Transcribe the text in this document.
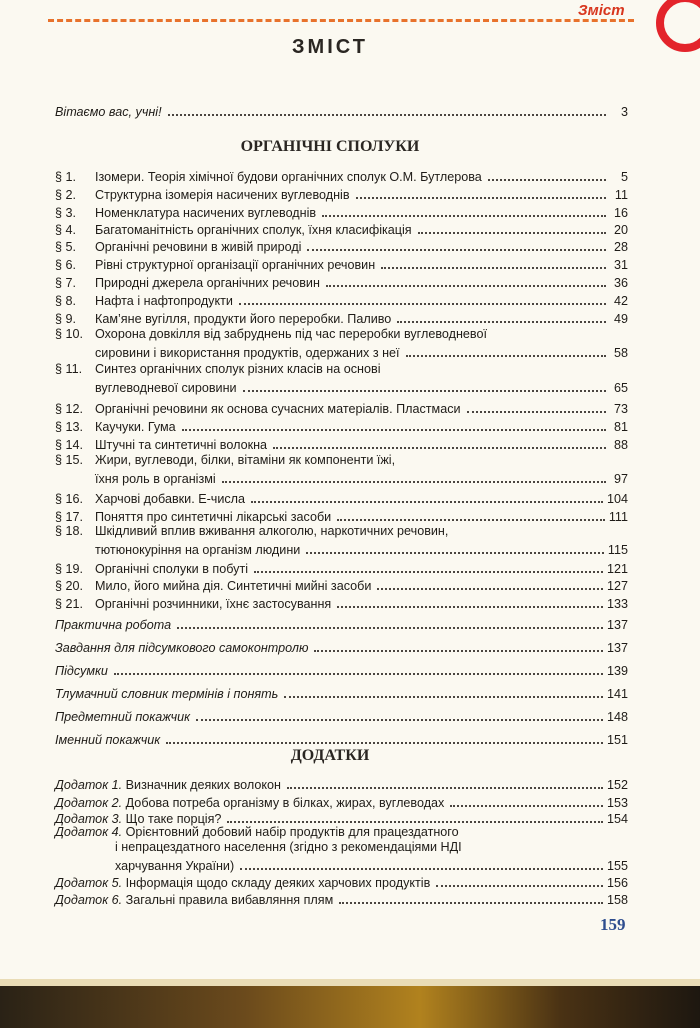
Зміст
ЗМІСТ
Вітаємо вас, учні!	3
ОРГАНІЧНІ СПОЛУКИ
§ 1.	Ізомери. Теорія хімічної будови органічних сполук О.М. Бутлерова	5
§ 2.	Структурна ізомерія насичених вуглеводнів	11
§ 3.	Номенклатура насичених вуглеводнів	16
§ 4.	Багатоманітність органічних сполук, їхня класифікація	20
§ 5.	Органічні речовини в живій природі	28
§ 6.	Рівні структурної організації органічних речовин	31
§ 7.	Природні джерела органічних речовин	36
§ 8.	Нафта і нафтопродукти	42
§ 9.	Кам’яне вугілля, продукти його переробки. Паливо	49
§ 10. Охорона довкілля від забруднень під час переробки вуглеводневої
сировини і використання продуктів, одержаних з неї	58
§ 11. Синтез органічних сполук різних класів на основі
вуглеводневої сировини	65
§ 12. Органічні речовини як основа сучасних матеріалів. Пластмаси	73
§ 13. Каучуки. Гума	81
§ 14. Штучні та синтетичні волокна	88
§ 15. Жири, вуглеводи, білки, вітаміни як компоненти їжі,
їхня роль в організмі	97
§ 16. Харчові добавки. Е-числа	104
§ 17. Поняття про синтетичні лікарські засоби	111
§ 18. Шкідливий вплив вживання алкоголю, наркотичних речовин,
тютюнокуріння на організм людини	115
§ 19. Органічні сполуки в побуті	121
§ 20. Мило, його мийна дія. Синтетичні мийні засоби	127
§ 21. Органічні розчинники, їхнє застосування	133
Практична робота	137
Завдання для підсумкового самоконтролю	137
Підсумки	139
Тлумачний словник термінів і понять	141
Предметний покажчик	148
Іменний покажчик	151
ДОДАТКИ
Додаток 1.
Визначник деяких волокон	152
Додаток 2.
Добова потреба організму в білках, жирах, вуглеводах	153
Додаток 3.
Що таке порція?	154
Додаток 4. Орієнтовний добовий набір продуктів для працездатного
і непрацездатного населення (згідно з рекомендаціями НДІ
харчування України)	155
Додаток 5.
Інформація щодо складу деяких харчових продуктів	156
Додаток 6.
Загальні правила вибавляння плям	158
159
